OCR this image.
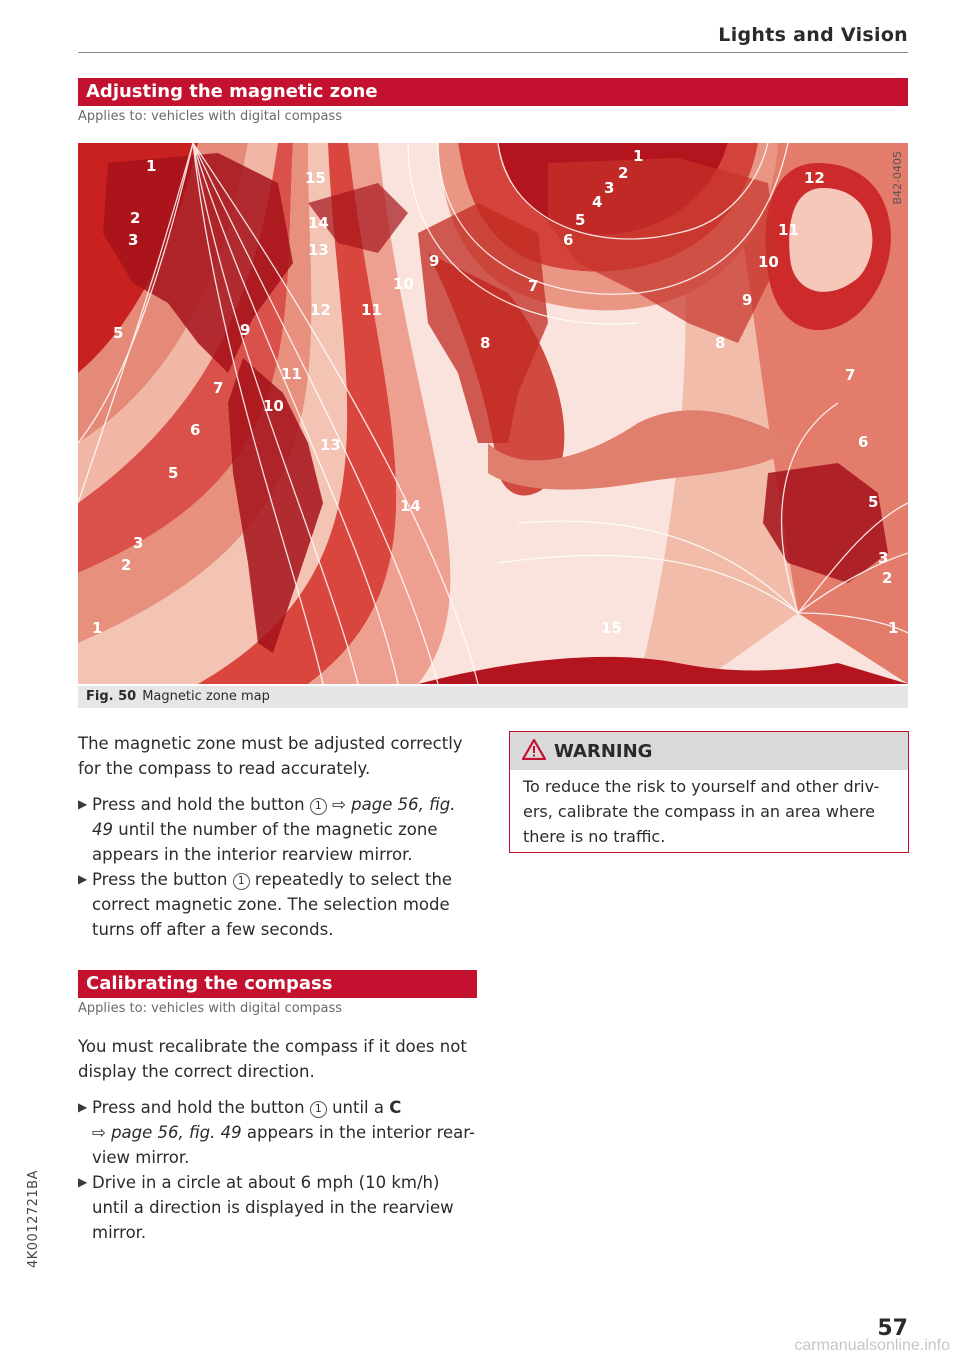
Lights and Vision
Adjusting the magnetic zone
Applies to: vehicles with digital compass
1
15
2	14
3
13
5
12 11
10
9
9
7
11
10
6
13
5
14
3
2
1	15	1
8	8
1
2
3
4
5
6
7
12
11
10
9
7
6
5
3
2
B42-0405
Fig. 50 Magnetic zone map
The magnetic zone must be adjusted correctly for the compass to read accurately.
▶ Press and hold the button 1 ⇨ page 56, fig. 49 until the number of the magnetic zone appears in the interior rearview mirror.
▶ Press the button 1 repeatedly to select the correct magnetic zone. The selection mode turns off after a few seconds.
Calibrating the compass
Applies to: vehicles with digital compass
You must recalibrate the compass if it does not display the correct direction.
▶ Press and hold the button 1 until a C
⇨ page 56, fig. 49 appears in the interior rear-view mirror.
▶ Drive in a circle at about 6 mph (10 km/h) until a direction is displayed in the rearview mirror.
WARNING
To reduce the risk to yourself and other driv-ers, calibrate the compass in an area where there is no traffic.
4K0012721BA
57
carmanualsonline.info
